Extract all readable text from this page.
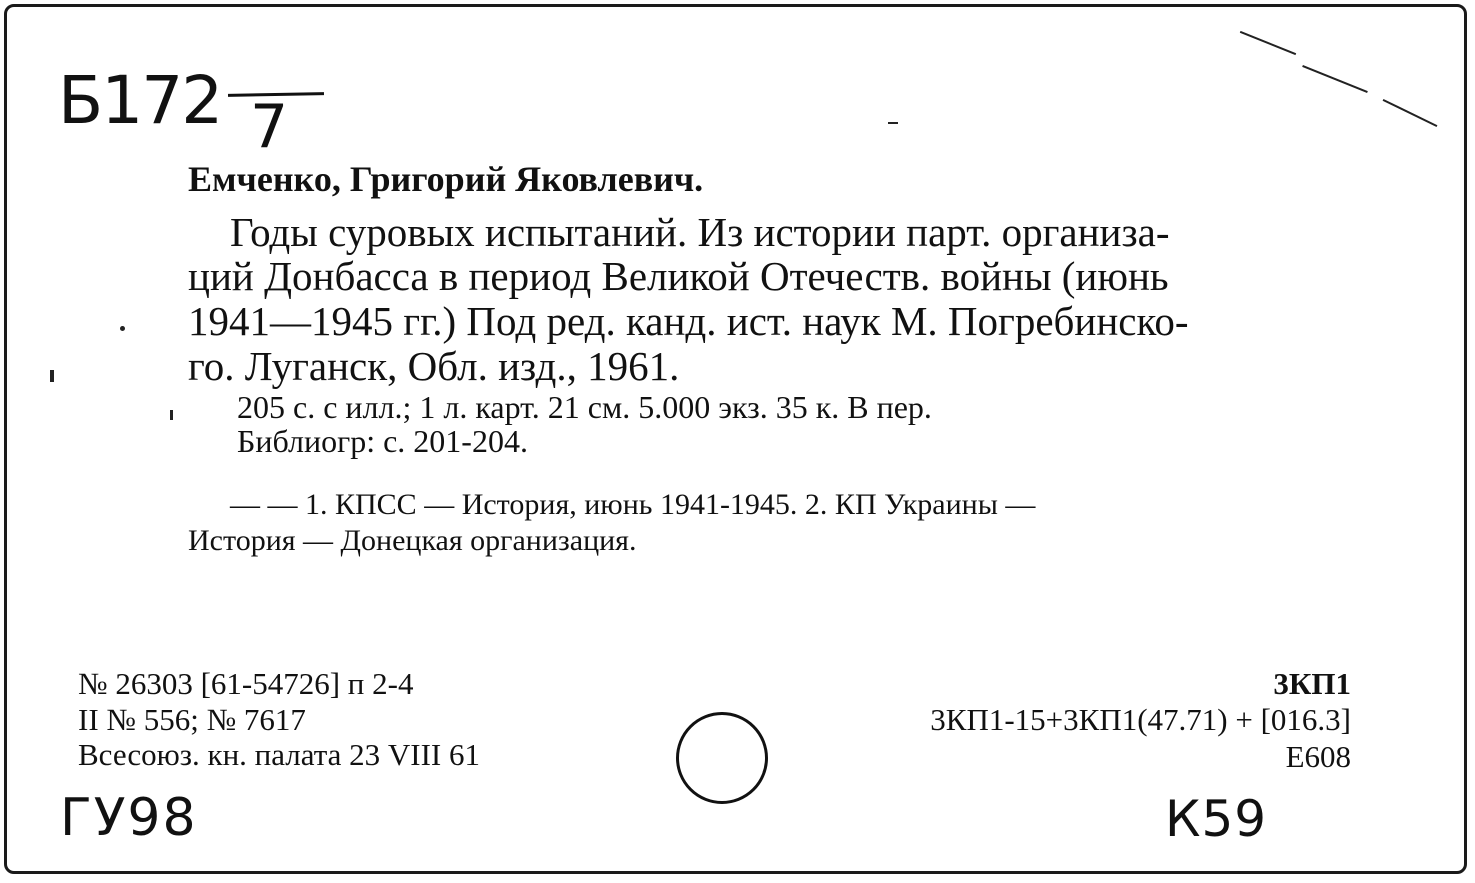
Б172 7
Емченко, Григорий Яковлевич.
Годы суровых испытаний. Из истории парт. организа-
ций Донбасса в период Великой Отечеств. войны (июнь
1941—1945 гг.) Под ред. канд. ист. наук М. Погребинско-
го. Луганск, Обл. изд., 1961.
205 с. с илл.; 1 л. карт. 21 см. 5.000 экз. 35 к. В пер.
Библиогр: с. 201-204.
— — 1. КПСС — История, июнь 1941-1945. 2. КП Украины —
История — Донецкая организация.
№ 26303 [61-54726] п 2-4
II № 556; № 7617
Всесоюз. кн. палата 23 VIII 61
3КП1
3КП1-15+3КП1(47.71) + [016.3]
Е608
ГУ98	К59
